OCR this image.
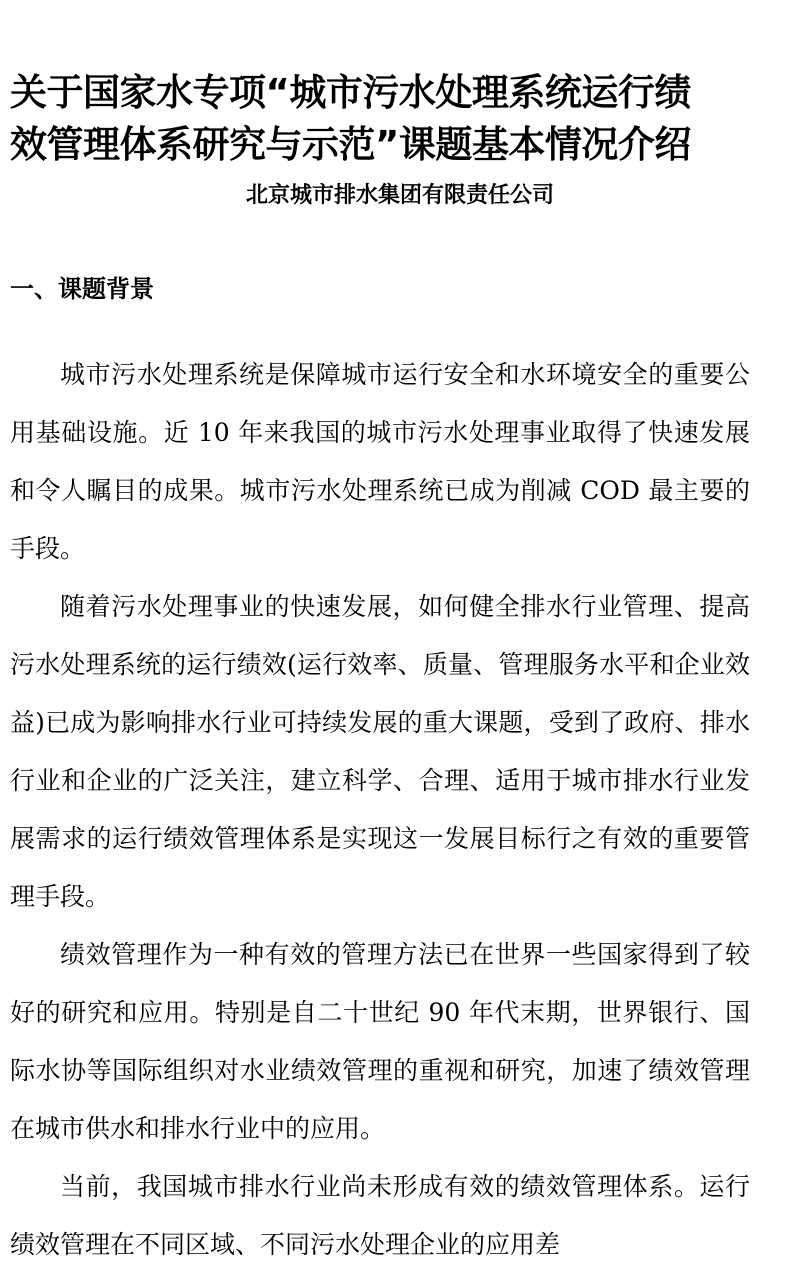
关于国家水专项“城市污水处理系统运行绩
效管理体系研究与示范”课题基本情况介绍
北京城市排水集团有限责任公司
一、课题背景

城市污水处理系统是保障城市运行安全和水环境安全的重要公用基础设施。近 10 年来我国的城市污水处理事业取得了快速发展和令人瞩目的成果。城市污水处理系统已成为削减 COD 最主要的手段。

随着污水处理事业的快速发展，如何健全排水行业管理、提高污水处理系统的运行绩效(运行效率、质量、管理服务水平和企业效益)已成为影响排水行业可持续发展的重大课题，受到了政府、排水行业和企业的广泛关注，建立科学、合理、适用于城市排水行业发展需求的运行绩效管理体系是实现这一发展目标行之有效的重要管理手段。

绩效管理作为一种有效的管理方法已在世界一些国家得到了较好的研究和应用。特别是自二十世纪 90 年代末期，世界银行、国际水协等国际组织对水业绩效管理的重视和研究，加速了绩效管理在城市供水和排水行业中的应用。

当前，我国城市排水行业尚未形成有效的绩效管理体系。运行绩效管理在不同区域、不同污水处理企业的应用差
